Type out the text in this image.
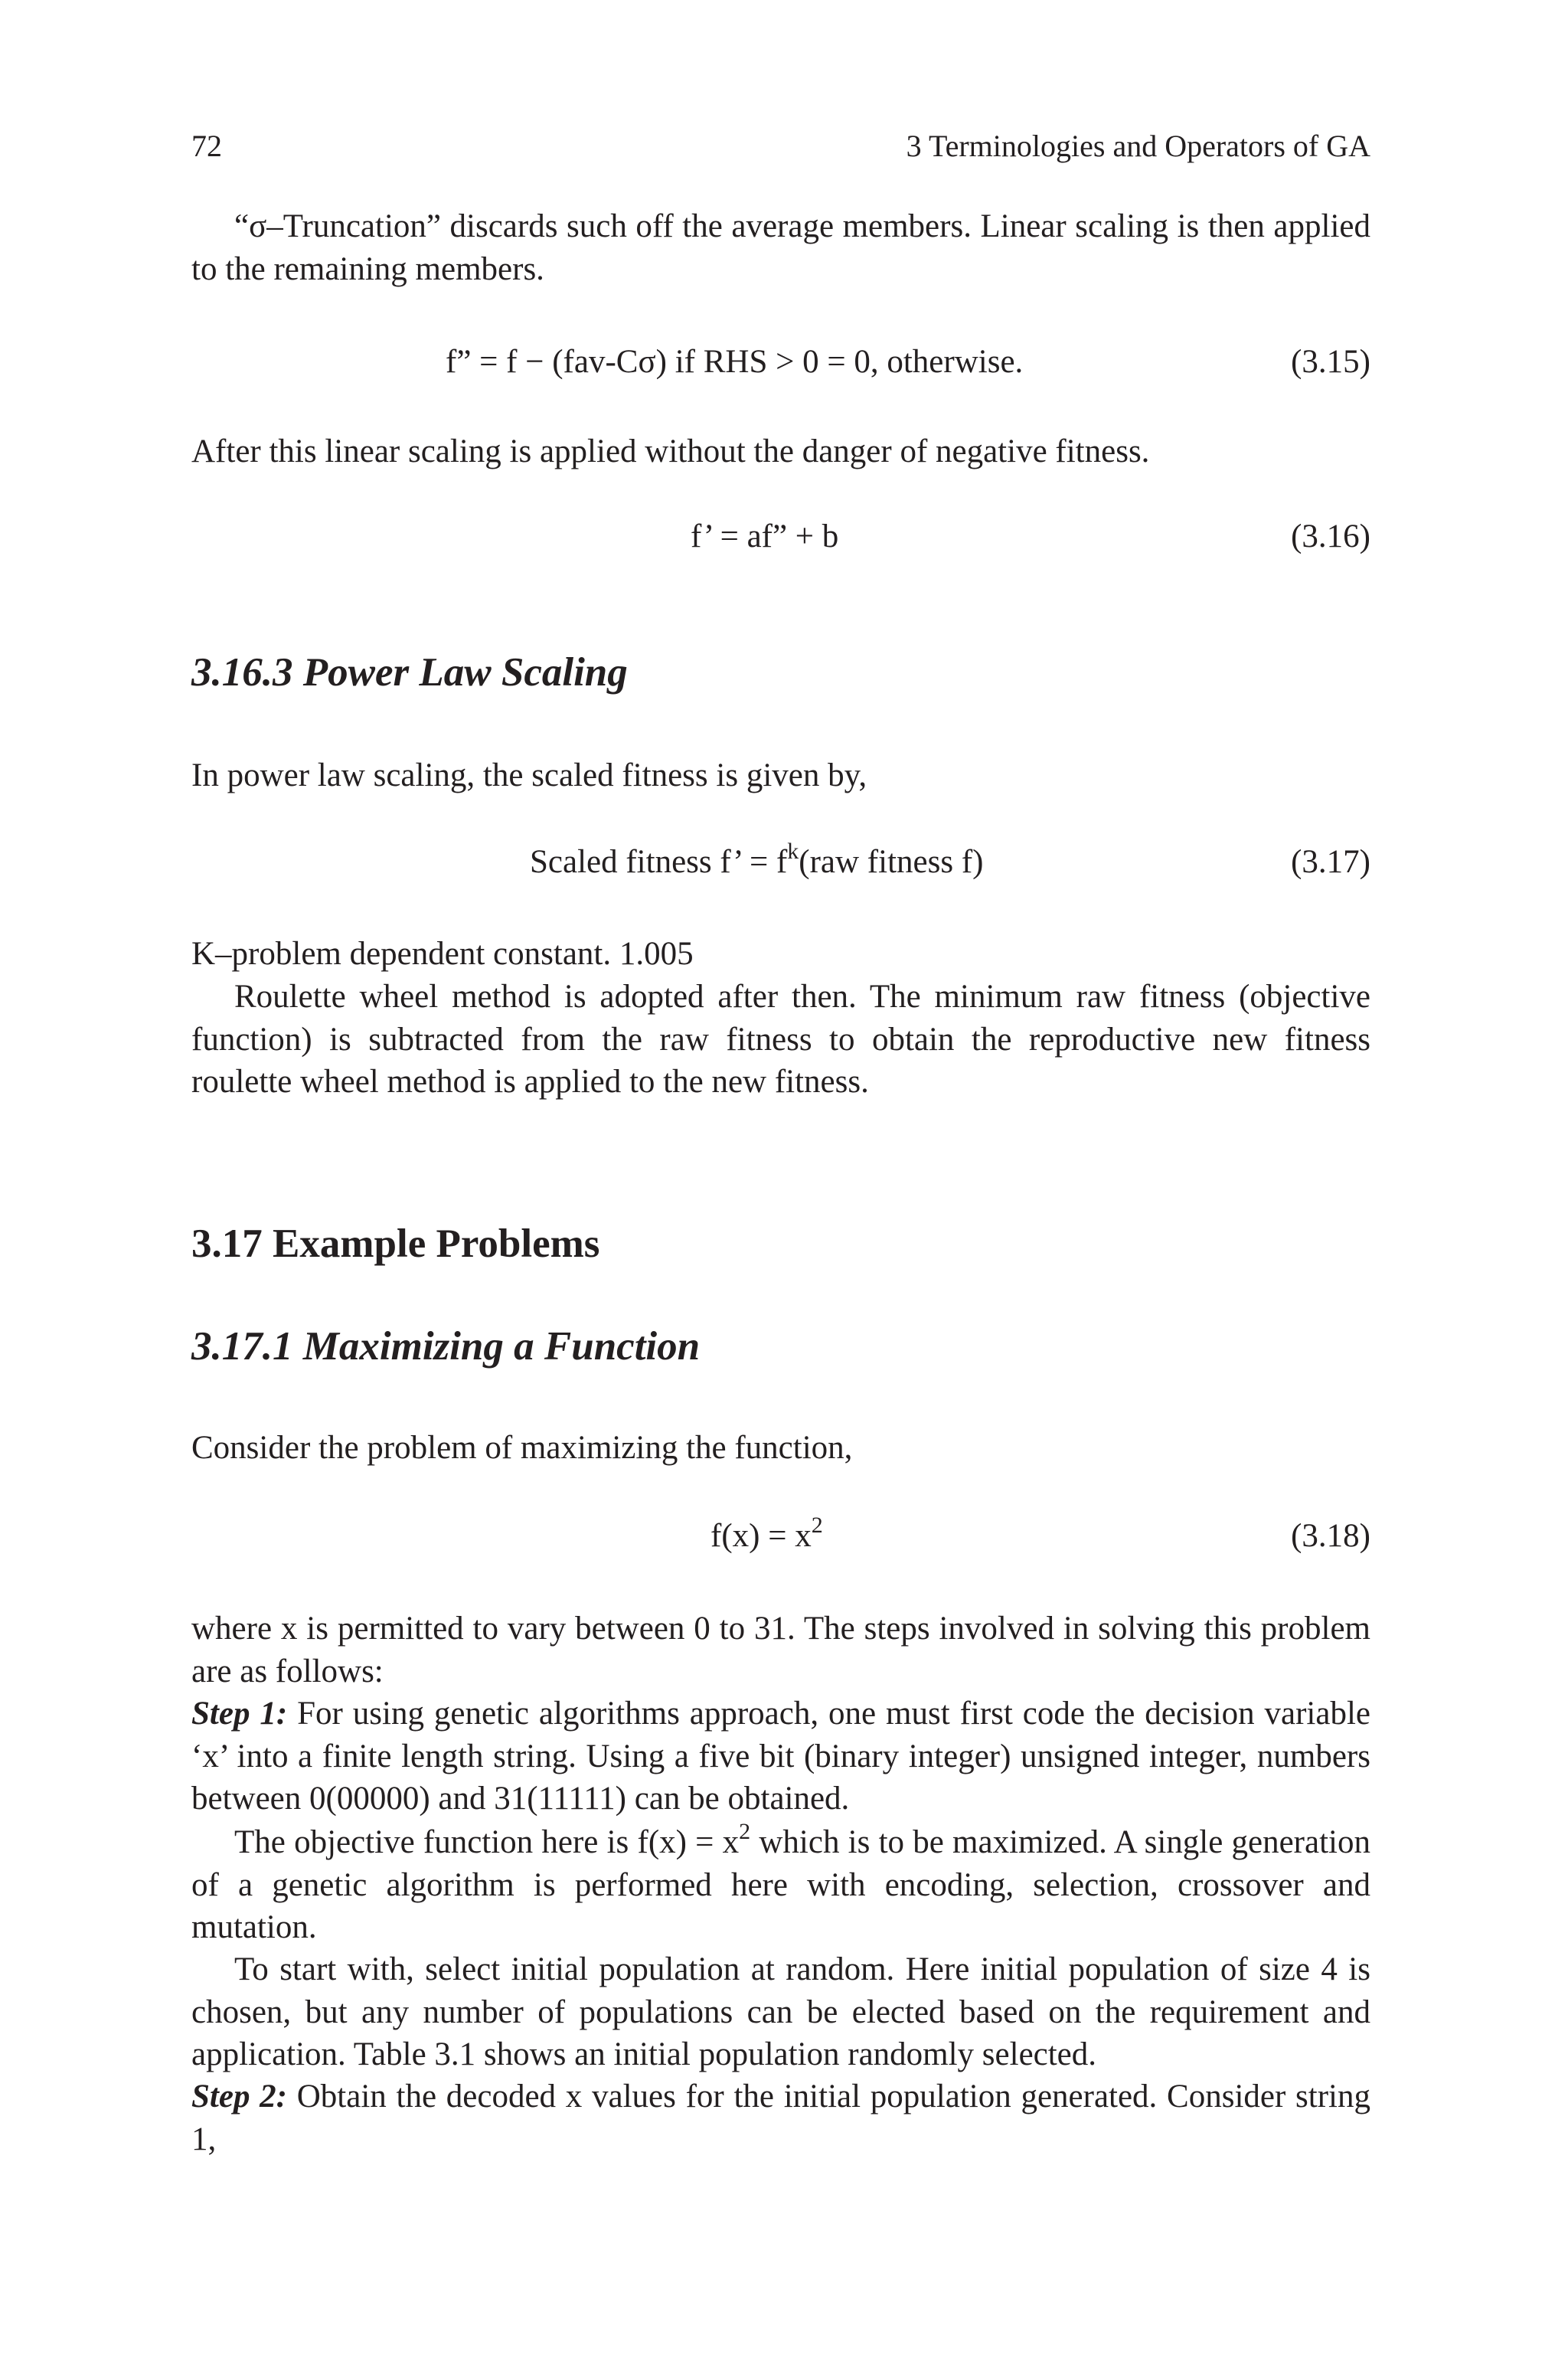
72	3 Terminologies and Operators of GA

“σ–Truncation” discards such off the average members. Linear scaling is then applied to the remaining members.

f” = f − (fav-Cσ) if RHS > 0 = 0, otherwise.	(3.15)

After this linear scaling is applied without the danger of negative fitness.

f’ = af” + b	(3.16)
3.16.3 Power Law Scaling

In power law scaling, the scaled fitness is given by,

Scaled fitness f’ = $f^k(raw$ fitness f)	(3.17)

K–problem dependent constant. 1.005

Roulette wheel method is adopted after then. The minimum raw fitness (objective function) is subtracted from the raw fitness to obtain the reproductive new fitness roulette wheel method is applied to the new fitness.

3.17 Example Problems
3.17.1 Maximizing a Function

Consider the problem of maximizing the function,

$f(x) = x^2$	(3.18)

where x is permitted to vary between 0 to 31. The steps involved in solving this problem are as follows:

Step 1: For using genetic algorithms approach, one must first code the decision variable ‘x’ into a finite length string. Using a five bit (binary integer) unsigned integer, numbers between 0(00000) and 31(11111) can be obtained.

The objective function here is $f(x) = x^2$ which is to be maximized. A single generation of a genetic algorithm is performed here with encoding, selection, crossover and mutation.

To start with, select initial population at random. Here initial population of size 4 is chosen, but any number of populations can be elected based on the requirement and application. Table 3.1 shows an initial population randomly selected.

Step 2: Obtain the decoded x values for the initial population generated. Consider string 1,
